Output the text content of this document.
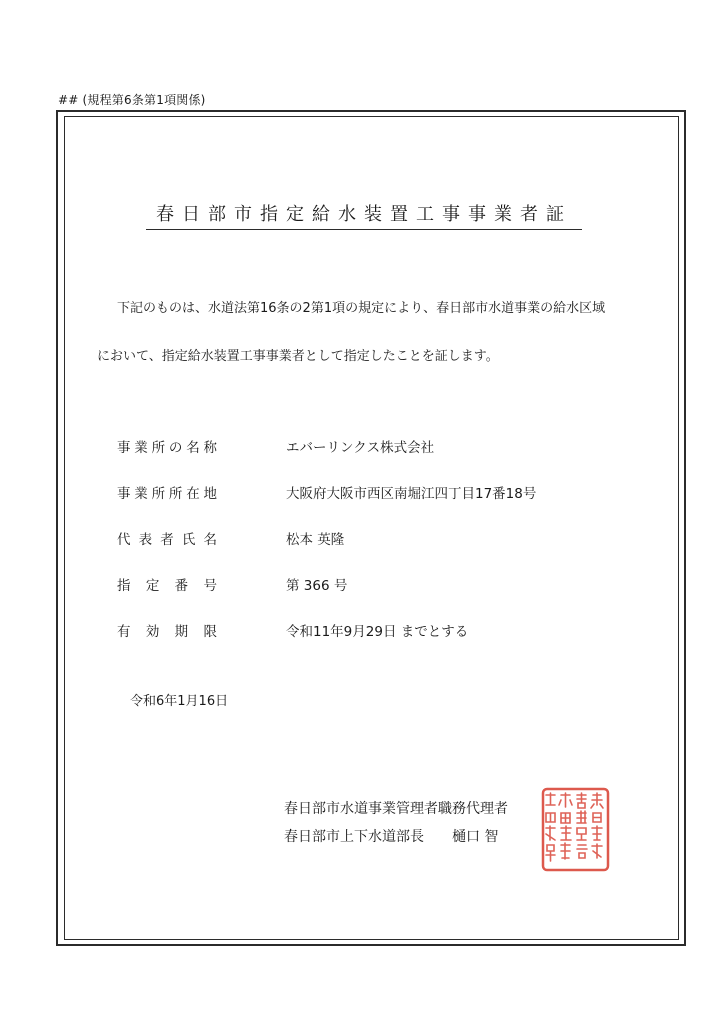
## (規程第6条第1項関係)
春日部市指定給水装置工事事業者証
下記のものは、水道法第16条の2第1項の規定により、春日部市水道事業の給水区域
において、指定給水装置工事事業者として指定したことを証します。
事業所の名称	エバーリンクス株式会社
事業所所在地	大阪府大阪市西区南堀江四丁目17番18号
代表者氏名	松本 英隆
指定番号	第 366 号
有効期限	令和11年9月29日 までとする
令和6年1月16日
春日部市水道事業管理者職務代理者
春日部市上下水道部長　　樋口 智
